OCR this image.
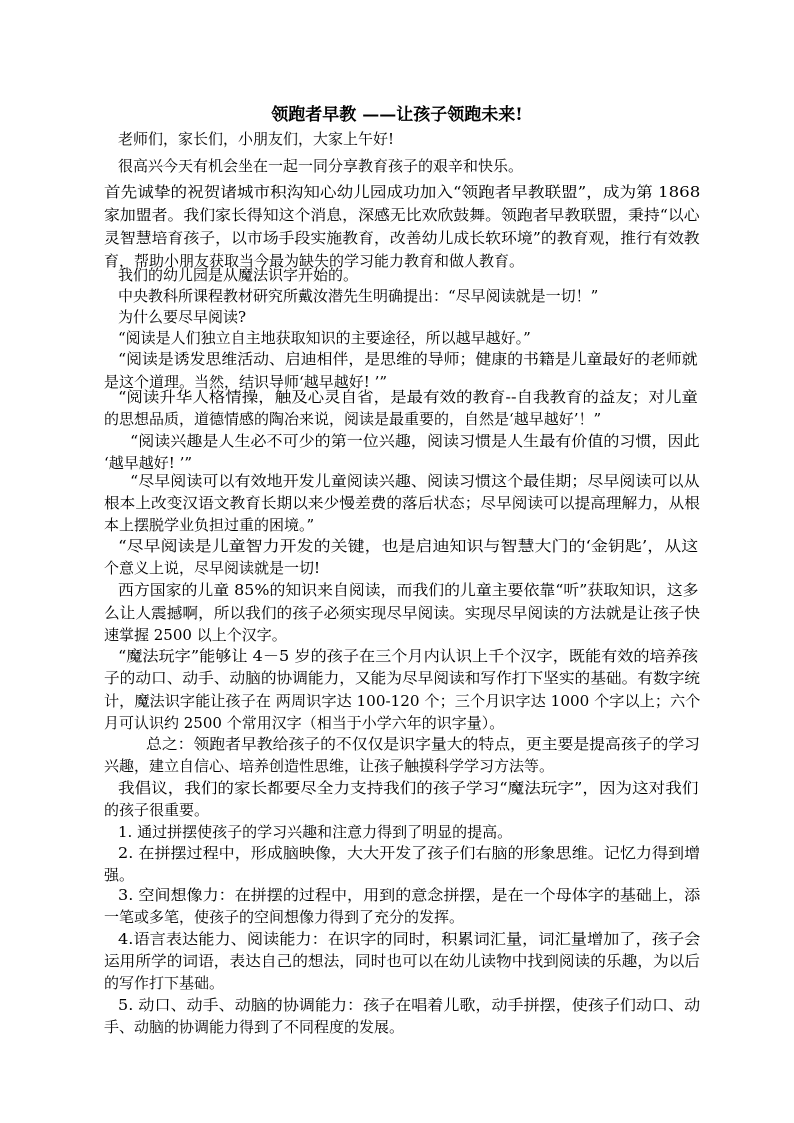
领跑者早教 ——让孩子领跑未来!
老师们，家长们，小朋友们，大家上午好!
很高兴今天有机会坐在一起一同分享教育孩子的艰辛和快乐。
首先诚挚的祝贺诸城市积沟知心幼儿园成功加入“领跑者早教联盟”，成为第 1868
家加盟者。我们家长得知这个消息，深感无比欢欣鼓舞。领跑者早教联盟，秉持“以心
灵智慧培育孩子，以市场手段实施教育，改善幼儿成长软环境”的教育观，推行有效教
育，帮助小朋友获取当今最为缺失的学习能力教育和做人教育。
我们的幼儿园是从魔法识字开始的。
中央教科所课程教材研究所戴汝潜先生明确提出：“尽早阅读就是一切！”
为什么要尽早阅读?
“阅读是人们独立自主地获取知识的主要途径，所以越早越好。”
“阅读是诱发思维活动、启迪相伴，是思维的导师；健康的书籍是儿童最好的老师就
是这个道理。当然，结识导师‘越早越好! ’”
“阅读升华人格情操，触及心灵自省，是最有效的教育--自我教育的益友；对儿童
的思想品质，道德情感的陶冶来说，阅读是最重要的，自然是‘越早越好’！”
“阅读兴趣是人生必不可少的第一位兴趣，阅读习惯是人生最有价值的习惯，因此
‘越早越好! ’”
“尽早阅读可以有效地开发儿童阅读兴趣、阅读习惯这个最佳期；尽早阅读可以从
根本上改变汉语文教育长期以来少慢差费的落后状态；尽早阅读可以提高理解力，从根
本上摆脱学业负担过重的困境。”
“尽早阅读是儿童智力开发的关键，也是启迪知识与智慧大门的‘金钥匙’，从这
个意义上说，尽早阅读就是一切!
西方国家的儿童 85%的知识来自阅读，而我们的儿童主要依靠“听”获取知识，这多
么让人震撼啊，所以我们的孩子必须实现尽早阅读。实现尽早阅读的方法就是让孩子快
速掌握 2500 以上个汉字。
“魔法玩字”能够让 4－5 岁的孩子在三个月内认识上千个汉字，既能有效的培养孩
子的动口、动手、动脑的协调能力，又能为尽早阅读和写作打下坚实的基础。有数字统
计，魔法识字能让孩子在 两周识字达 100-120 个；三个月识字达 1000 个字以上；六个
月可认识约 2500 个常用汉字（相当于小学六年的识字量）。
总之：领跑者早教给孩子的不仅仅是识字量大的特点，更主要是提高孩子的学习
兴趣，建立自信心、培养创造性思维，让孩子触摸科学学习方法等。
我倡议，我们的家长都要尽全力支持我们的孩子学习“魔法玩字”，因为这对我们
的孩子很重要。
1. 通过拼摆使孩子的学习兴趣和注意力得到了明显的提高。
2. 在拼摆过程中，形成脑映像，大大开发了孩子们右脑的形象思维。记忆力得到增
强。
3. 空间想像力：在拼摆的过程中，用到的意念拼摆，是在一个母体字的基础上，添
一笔或多笔，使孩子的空间想像力得到了充分的发挥。
4.语言表达能力、阅读能力：在识字的同时，积累词汇量，词汇量增加了，孩子会
运用所学的词语，表达自己的想法，同时也可以在幼儿读物中找到阅读的乐趣，为以后
的写作打下基础。
5. 动口、动手、动脑的协调能力：孩子在唱着儿歌，动手拼摆，使孩子们动口、动
手、动脑的协调能力得到了不同程度的发展。
